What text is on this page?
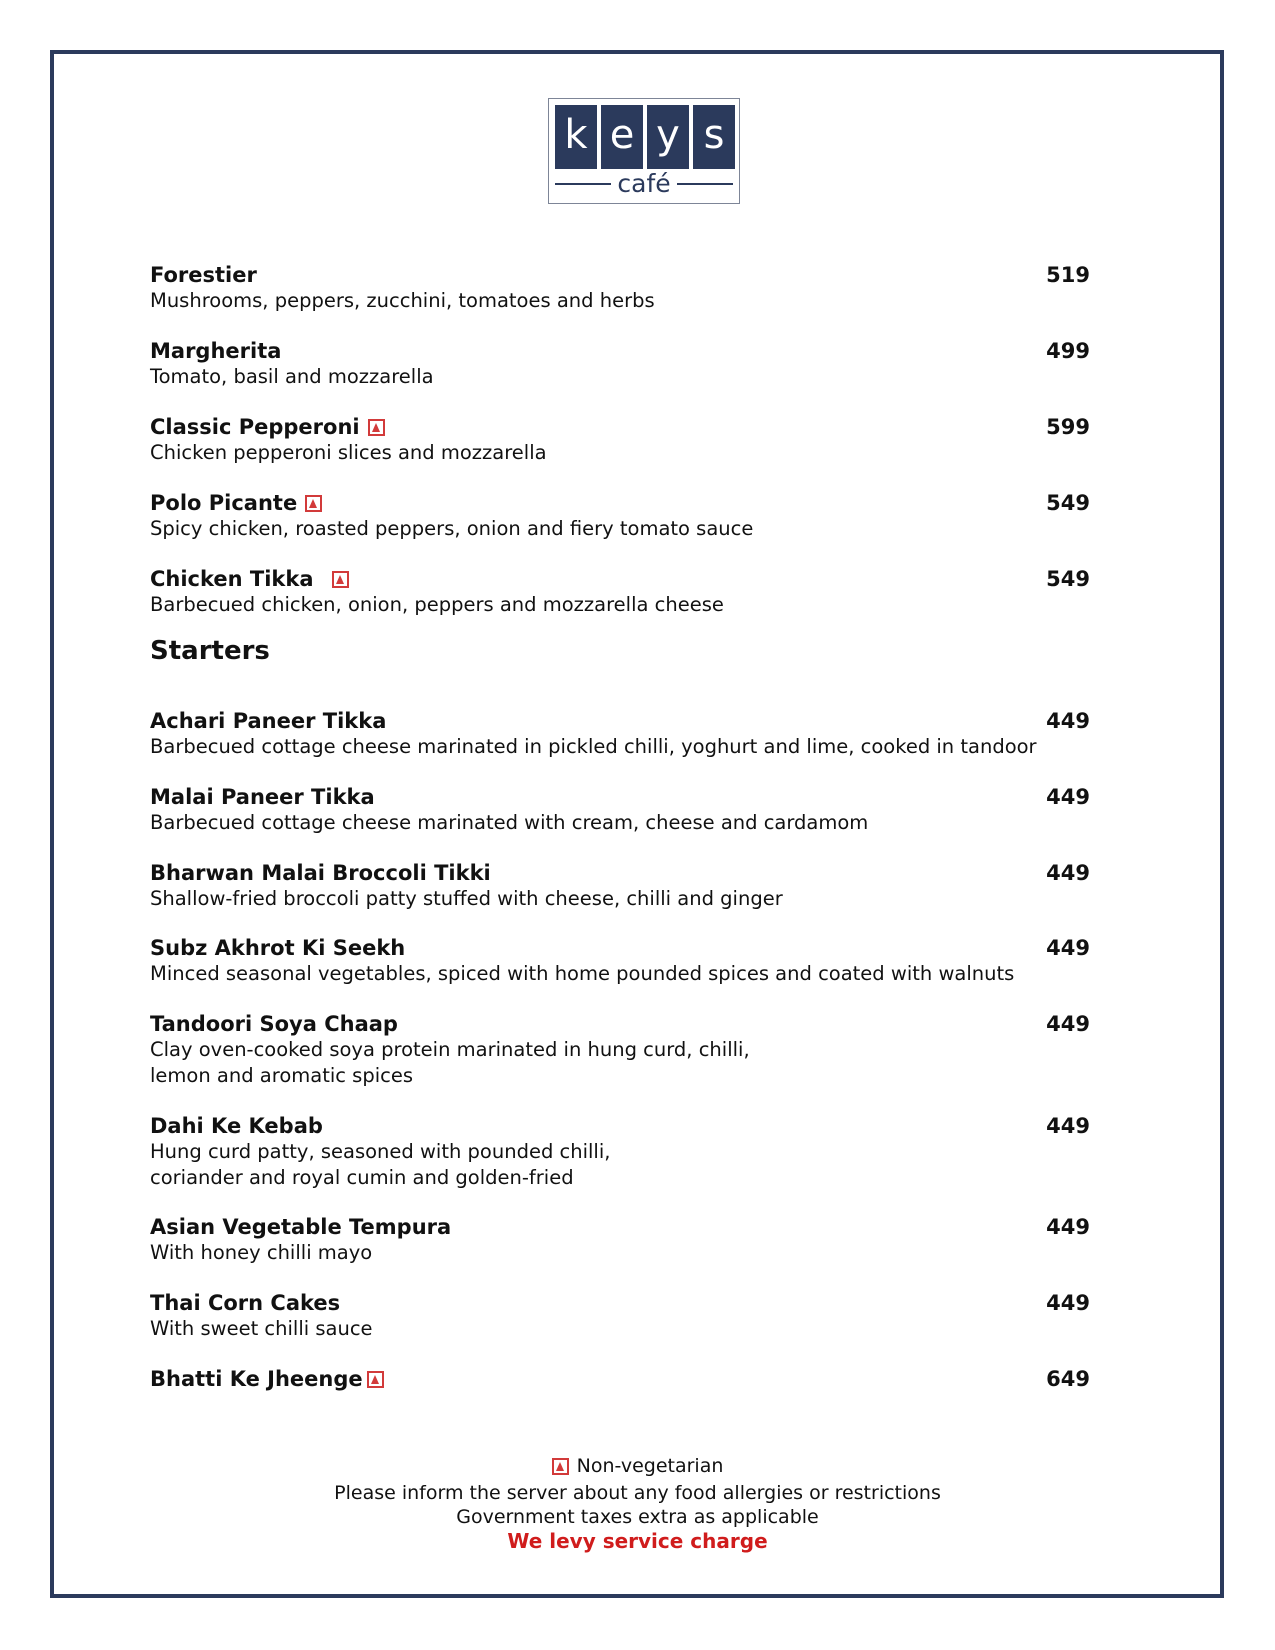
k e y s
café
Forestier	519
Mushrooms, peppers, zucchini, tomatoes and herbs
Margherita	499
Tomato, basil and mozzarella
Classic Pepperoni	599
Chicken pepperoni slices and mozzarella
Polo Picante	549
Spicy chicken, roasted peppers, onion and fiery tomato sauce
Chicken Tikka	549
Barbecued chicken, onion, peppers and mozzarella cheese
Starters
Achari Paneer Tikka	449
Barbecued cottage cheese marinated in pickled chilli, yoghurt and lime, cooked in tandoor
Malai Paneer Tikka	449
Barbecued cottage cheese marinated with cream, cheese and cardamom
Bharwan Malai Broccoli Tikki	449
Shallow-fried broccoli patty stuffed with cheese, chilli and ginger
Subz Akhrot Ki Seekh	449
Minced seasonal vegetables, spiced with home pounded spices and coated with walnuts
Tandoori Soya Chaap	449
Clay oven-cooked soya protein marinated in hung curd, chilli,
lemon and aromatic spices
Dahi Ke Kebab	449
Hung curd patty, seasoned with pounded chilli,
coriander and royal cumin and golden-fried
Asian Vegetable Tempura	449
With honey chilli mayo
Thai Corn Cakes	449
With sweet chilli sauce
Bhatti Ke Jheenge	649
Non-vegetarian
Please inform the server about any food allergies or restrictions
Government taxes extra as applicable
We levy service charge
